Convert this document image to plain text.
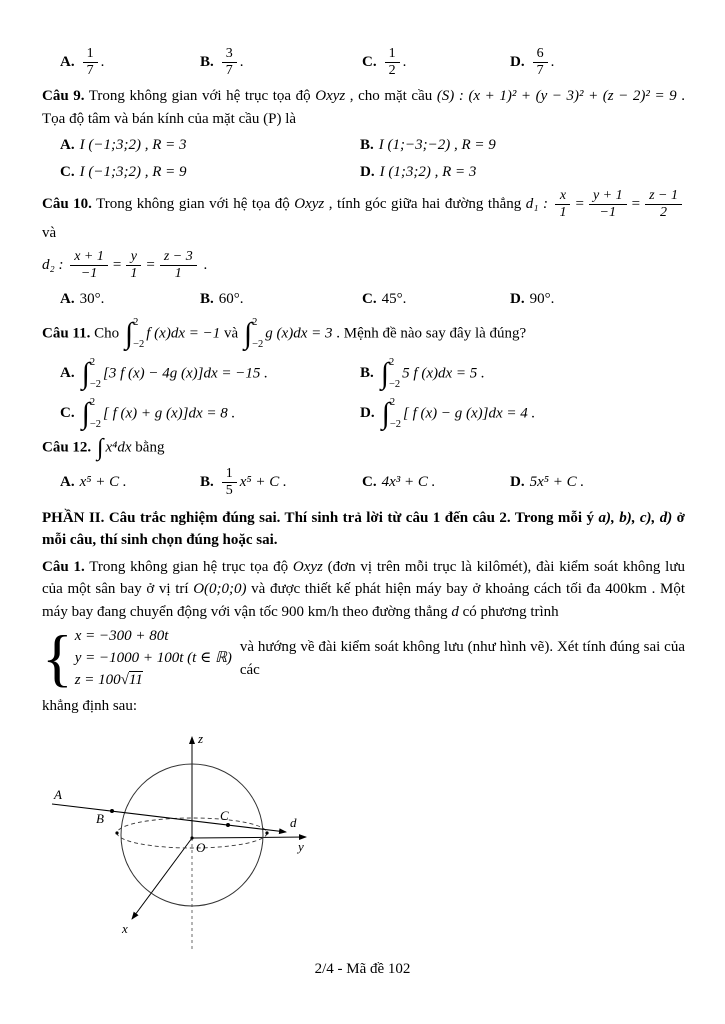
A. $\frac{1}{7}$ .	B. $\frac{3}{7}$ .	C. $\frac{1}{2}$ .	D. $\frac{6}{7}$ .

Câu 9. Trong không gian với hệ trục tọa độ Oxyz , cho mặt cầu (S) : (x + 1)² + (y − 3)² + (z − 2)² = 9 . Tọa độ tâm và bán kính của mặt cầu (P) là

A. I (−1;3;2) , R = 3	B. I (1;−3;−2) , R = 9
C. I (−1;3;2) , R = 9	D. I (1;3;2) , R = 3

Câu 10. Trong không gian với hệ tọa độ Oxyz , tính góc giữa hai đường thẳng d₁ : $\frac{x}{1} = \frac{y + 1}{-1} = \frac{z - 1}{2}$
và

d₂ : $\frac{x + 1}{-1} = \frac{y}{1} = \frac{z - 3}{1}$ .

A. 30°.	B. 60°.	C. 45°.	D. 90°.

Câu 11. Cho ∫ 2
−2
f (x)dx = −1 và ∫ 2
−2
g (x)dx = 3 . Mệnh đề nào say đây là đúng?

A. ∫ 2
−2
[3 f (x) − 4g (x)]dx = −15 .	B. ∫ 2
−2
5 f (x)dx = 5 .
C. ∫ 2
−2
[ f (x) + g (x)]dx = 8 .	D. ∫ 2
−2
[ f (x) − g (x)]dx = 4 .

Câu 12. ∫ x⁴dx bằng

A. x⁵ + C .	B. $\frac{1}{5} x^5 + C$ .	C. 4x³ + C .	D. 5x⁵ + C .

PHẦN II. Câu trắc nghiệm đúng sai. Thí sinh trả lời từ câu 1 đến câu 2. Trong mỗi ý a), b), c), d) ở mỗi câu, thí sinh chọn đúng hoặc sai.

Câu 1. Trong không gian hệ trục tọa độ Oxyz (đơn vị trên mỗi trục là kilômét), đài kiểm soát không lưu của một sân bay ở vị trí O(0;0;0) và được thiết kế phát hiện máy bay ở khoảng cách tối đa 400km . Một máy bay đang chuyển động với vận tốc 900 km/h theo đường thẳng d có phương trình

{ x = −300 + 80t
y = −1000 + 100t (t ∈ ℝ)
z = 100√11
và hướng về đài kiểm soát không lưu (như hình vẽ). Xét tính đúng sai của các

khẳng định sau:

z
y
x
O
A
B	C	d
2/4 - Mã đề 102
